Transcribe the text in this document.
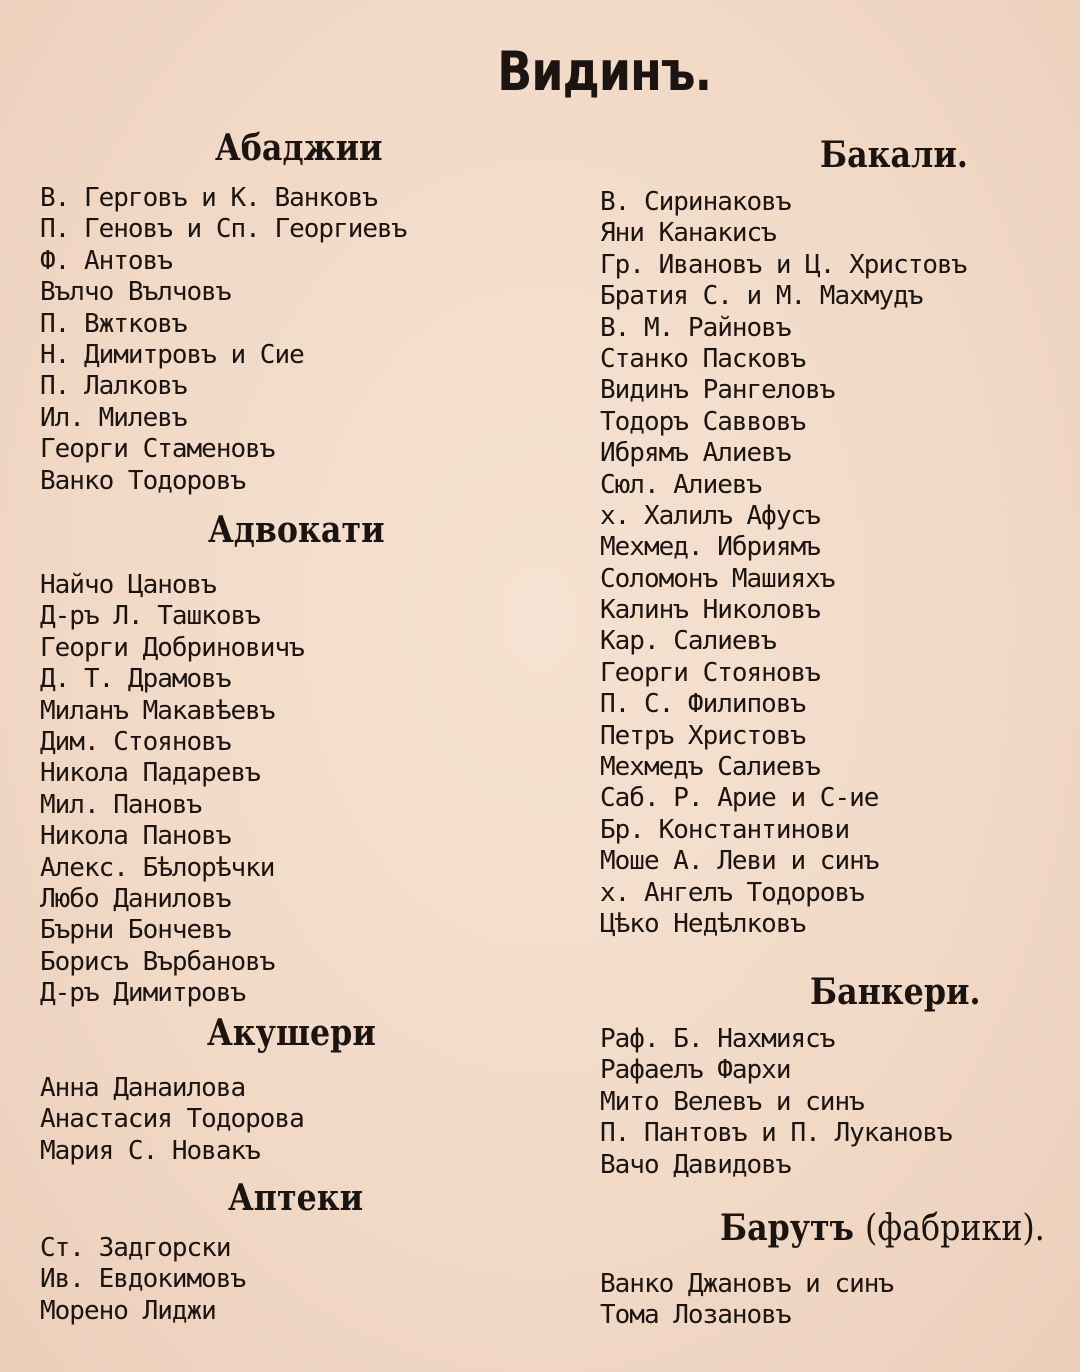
Видинъ.
Абаджии
В. Герговъ и К. Ванковъ
П. Геновъ и Сп. Георгиевъ
Ф. Антовъ
Вълчо Вълчовъ
П. Вжтковъ
Н. Димитровъ и Сие
П. Лалковъ
Ил. Милевъ
Георги Стаменовъ
Ванко Тодоровъ
Адвокати
Найчо Цановъ
Д-ръ Л. Ташковъ
Георги Добриновичъ
Д. Т. Драмовъ
Миланъ Макавѣевъ
Дим. Стояновъ
Никола Падаревъ
Мил. Пановъ
Никола Пановъ
Алекс. Бѣлорѣчки
Любо Даниловъ
Бърни Бончевъ
Борисъ Върбановъ
Д-ръ Димитровъ
Акушери
Анна Данаилова
Анастасия Тодорова
Мария С. Новакъ
Аптеки
Ст. Задгорски
Ив. Евдокимовъ
Морено Лиджи
Бакали.
В. Сиринаковъ
Яни Канакисъ
Гр. Ивановъ и Ц. Христовъ
Братия С. и М. Махмудъ
В. М. Райновъ
Станко Пасковъ
Видинъ Рангеловъ
Тодоръ Саввовъ
Ибрямъ Алиевъ
Сюл. Алиевъ
х. Халилъ Афусъ
Мехмед. Ибриямъ
Соломонъ Машияхъ
Калинъ Николовъ
Кар. Салиевъ
Георги Стояновъ
П. С. Филиповъ
Петръ Христовъ
Мехмедъ Салиевъ
Саб. Р. Арие и С-ие
Бр. Константинови
Моше А. Леви и синъ
х. Ангелъ Тодоровъ
Цѣко Недѣлковъ
Банкери.
Раф. Б. Нахмиясъ
Рафаелъ Фархи
Мито Велевъ и синъ
П. Пантовъ и П. Лукановъ
Вачо Давидовъ
Барутъ (фабрики).
Ванко Джановъ и синъ
Тома Лозановъ
